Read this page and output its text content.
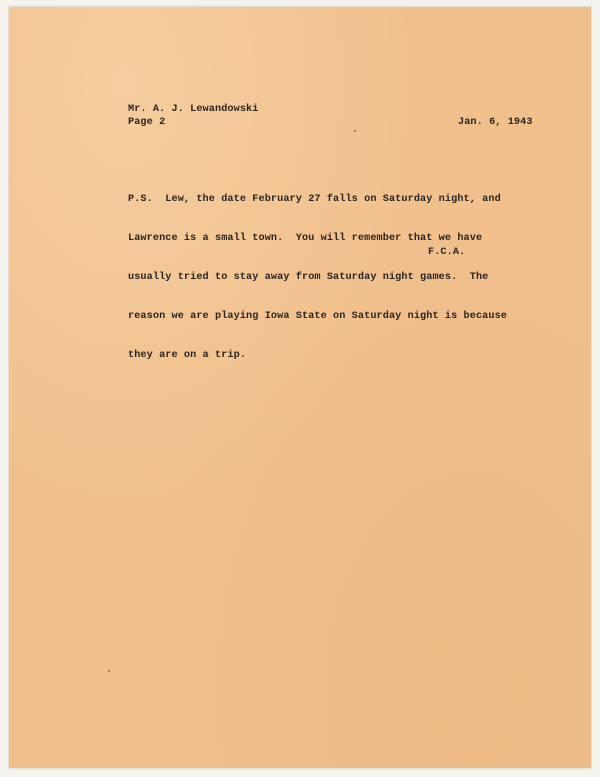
Mr. A. J. Lewandowski
Page 2	Jan. 6, 1943

P.S.  Lew, the date February 27 falls on Saturday night, and

Lawrence is a small town.  You will remember that we have

usually tried to stay away from Saturday night games.  The

reason we are playing Iowa State on Saturday night is because

they are on a trip.

F.C.A.
